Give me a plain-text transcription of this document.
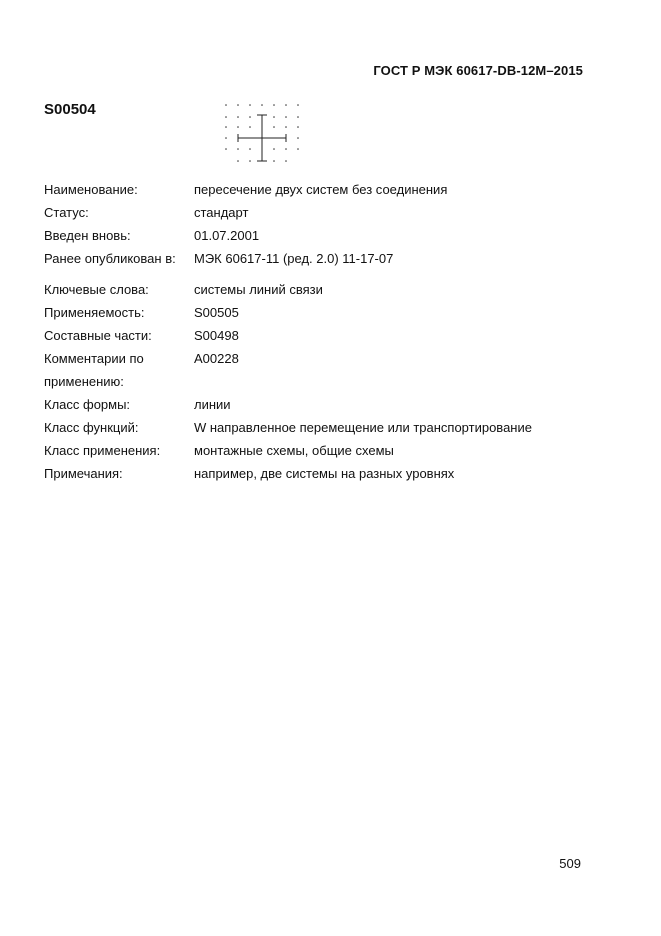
ГОСТ Р МЭК 60617-DB-12M–2015
S00504
Наименование:	пересечение двух систем без соединения
Статус:	стандарт
Введен вновь:	01.07.2001
Ранее опубликован в:	МЭК 60617-11 (ред. 2.0) 11-17-07
Ключевые слова:	системы линий связи
Применяемость:	S00505
Составные части:	S00498
Комментарии по	A00228
применению:
Класс формы:	линии
Класс функций:	W направленное перемещение или транспортирование
Класс применения:	монтажные схемы, общие схемы
Примечания:	например, две системы на разных уровнях
509
